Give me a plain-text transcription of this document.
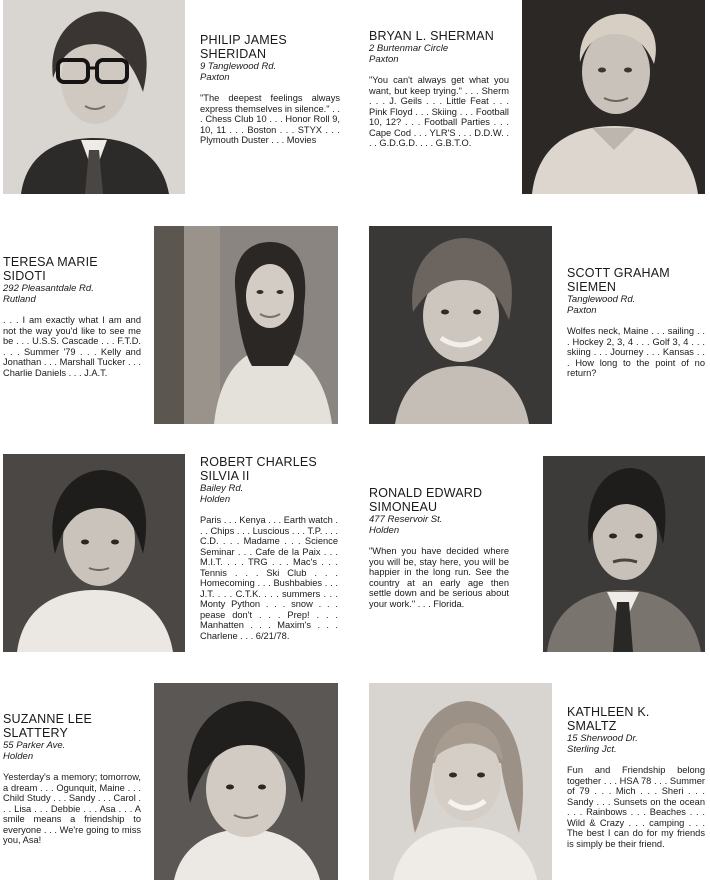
PHILIP JAMES
SHERIDAN
9 Tanglewood Rd.
Paxton

"The deepest feelings always express themselves in silence." . . . Chess Club 10 . . . Honor Roll 9, 10, 11 . . . Boston . . . STYX . . . Plymouth Duster . . . Movies

BRYAN L. SHERMAN
2 Burtenmar Circle
Paxton

"You can't always get what you want, but keep trying." . . . Sherm . . . J. Geils . . . Little Feat . . . Pink Floyd . . . Skiing . . . Football 10, 12? . . . Football Parties . . . Cape Cod . . . YLR'S . . . D.D.W. . . . G.D.G.D. . . . G.B.T.O.

TERESA MARIE
SIDOTI
292 Pleasantdale Rd.
Rutland

. . . I am exactly what I am and not the way you'd like to see me be . . . U.S.S. Cascade . . . F.T.D. . . . Summer '79 . . . Kelly and Jonathan . . . Marshall Tucker . . . Charlie Daniels . . . J.A.T.

SCOTT GRAHAM
SIEMEN
Tanglewood Rd.
Paxton

Wolfes neck, Maine . . . sailing . . . Hockey 2, 3, 4 . . . Golf 3, 4 . . . skiing . . . Journey . . . Kansas . . . How long to the point of no return?

ROBERT CHARLES
SILVIA II
Bailey Rd.
Holden

Paris . . . Kenya . . . Earth watch . . . Chips . . . Luscious . . . T.P. . . . C.D. . . . Madame . . . Science Seminar . . . Cafe de la Paix . . . M.I.T. . . . TRG . . . Mac's . . . Tennis . . . Ski Club . . . Homecoming . . . Bushbabies . . . J.T. . . . C.T.K. . . . summers . . . Monty Python . . . snow . . . pease don't . . . Prep! . . . Manhatten . . . Maxim's . . . Charlene . . . 6/21/78.

RONALD EDWARD
SIMONEAU
477 Reservoir St.
Holden

"When you have decided where you will be, stay here, you will be happier in the long run. See the country at an early age then settle down and be serious about your work." . . . Florida.

SUZANNE LEE
SLATTERY
55 Parker Ave.
Holden

Yesterday's a memory; tomorrow, a dream . . . Ogunquit, Maine . . . Child Study . . . Sandy . . . Carol . . . Lisa . . . Debbie . . . Asa . . . A smile means a friendship to everyone . . . We're going to miss you, Asa!

KATHLEEN K.
SMALTZ
15 Sherwood Dr.
Sterling Jct.

Fun and Friendship belong together . . . HSA 78 . . . Summer of 79 . . . Mich . . . Sheri . . . Sandy . . . Sunsets on the ocean . . . Rainbows . . . Beaches . . . Wild & Crazy . . . camping . . . The best I can do for my friends is simply be their friend.
